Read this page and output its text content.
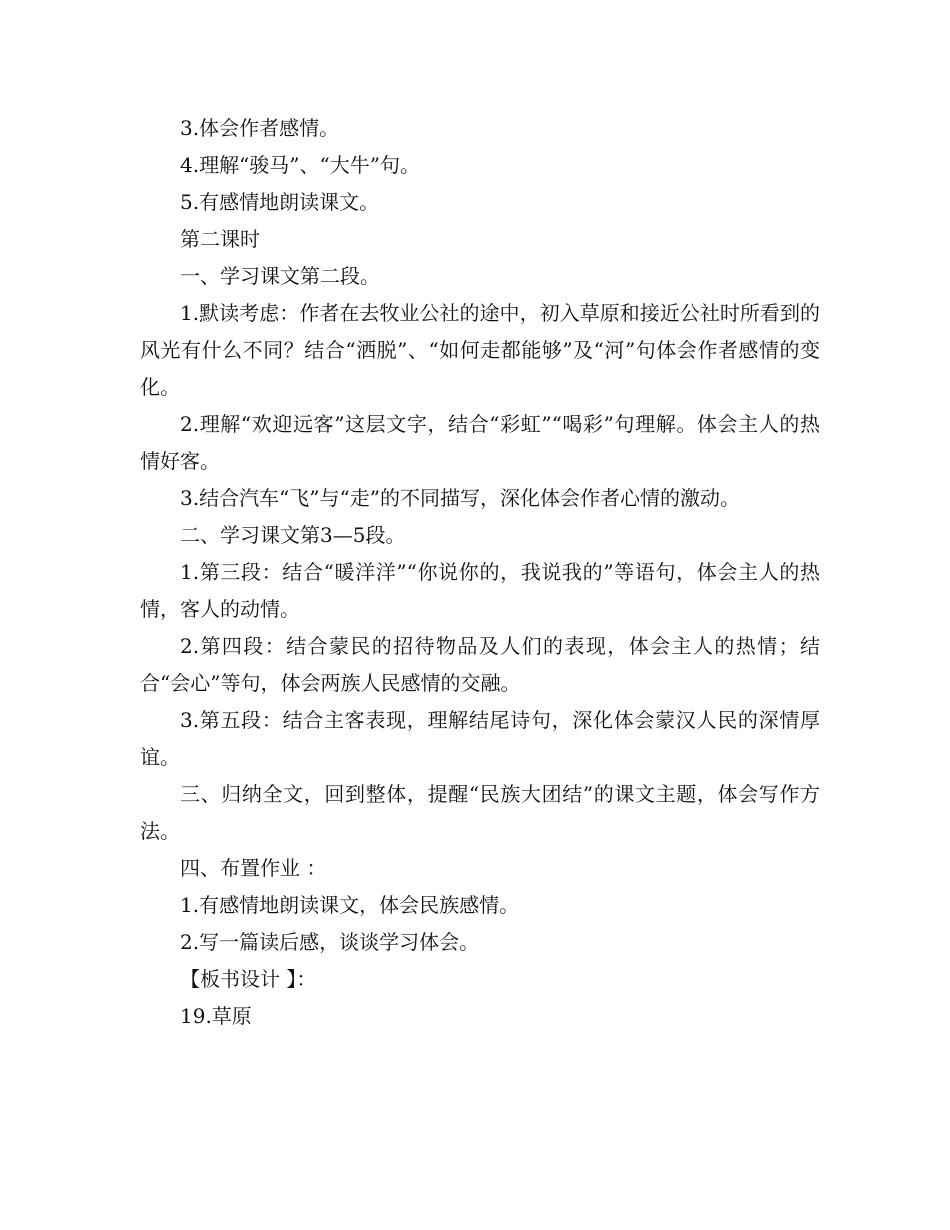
3.体会作者感情。

4.理解“骏马”、“大牛”句。

5.有感情地朗读课文。

第二课时

一、学习课文第二段。

1.默读考虑：作者在去牧业公社的途中，初入草原和接近公社时所看到的风光有什么不同？结合“洒脱”、“如何走都能够”及“河”句体会作者感情的变化。

2.理解“欢迎远客”这层文字，结合“彩虹”“喝彩”句理解。体会主人的热情好客。

3.结合汽车“飞”与“走”的不同描写，深化体会作者心情的激动。

二、学习课文第3—5段。

1.第三段：结合“暖洋洋”“你说你的，我说我的”等语句，体会主人的热情，客人的动情。

2.第四段：结合蒙民的招待物品及人们的表现，体会主人的热情；结合“会心”等句，体会两族人民感情的交融。

3.第五段：结合主客表现，理解结尾诗句，深化体会蒙汉人民的深情厚谊。

三、归纳全文，回到整体，提醒“民族大团结”的课文主题，体会写作方法。

四、布置作业 ：

1.有感情地朗读课文，体会民族感情。

2.写一篇读后感，谈谈学习体会。

【板书设计 】：

19.草原
